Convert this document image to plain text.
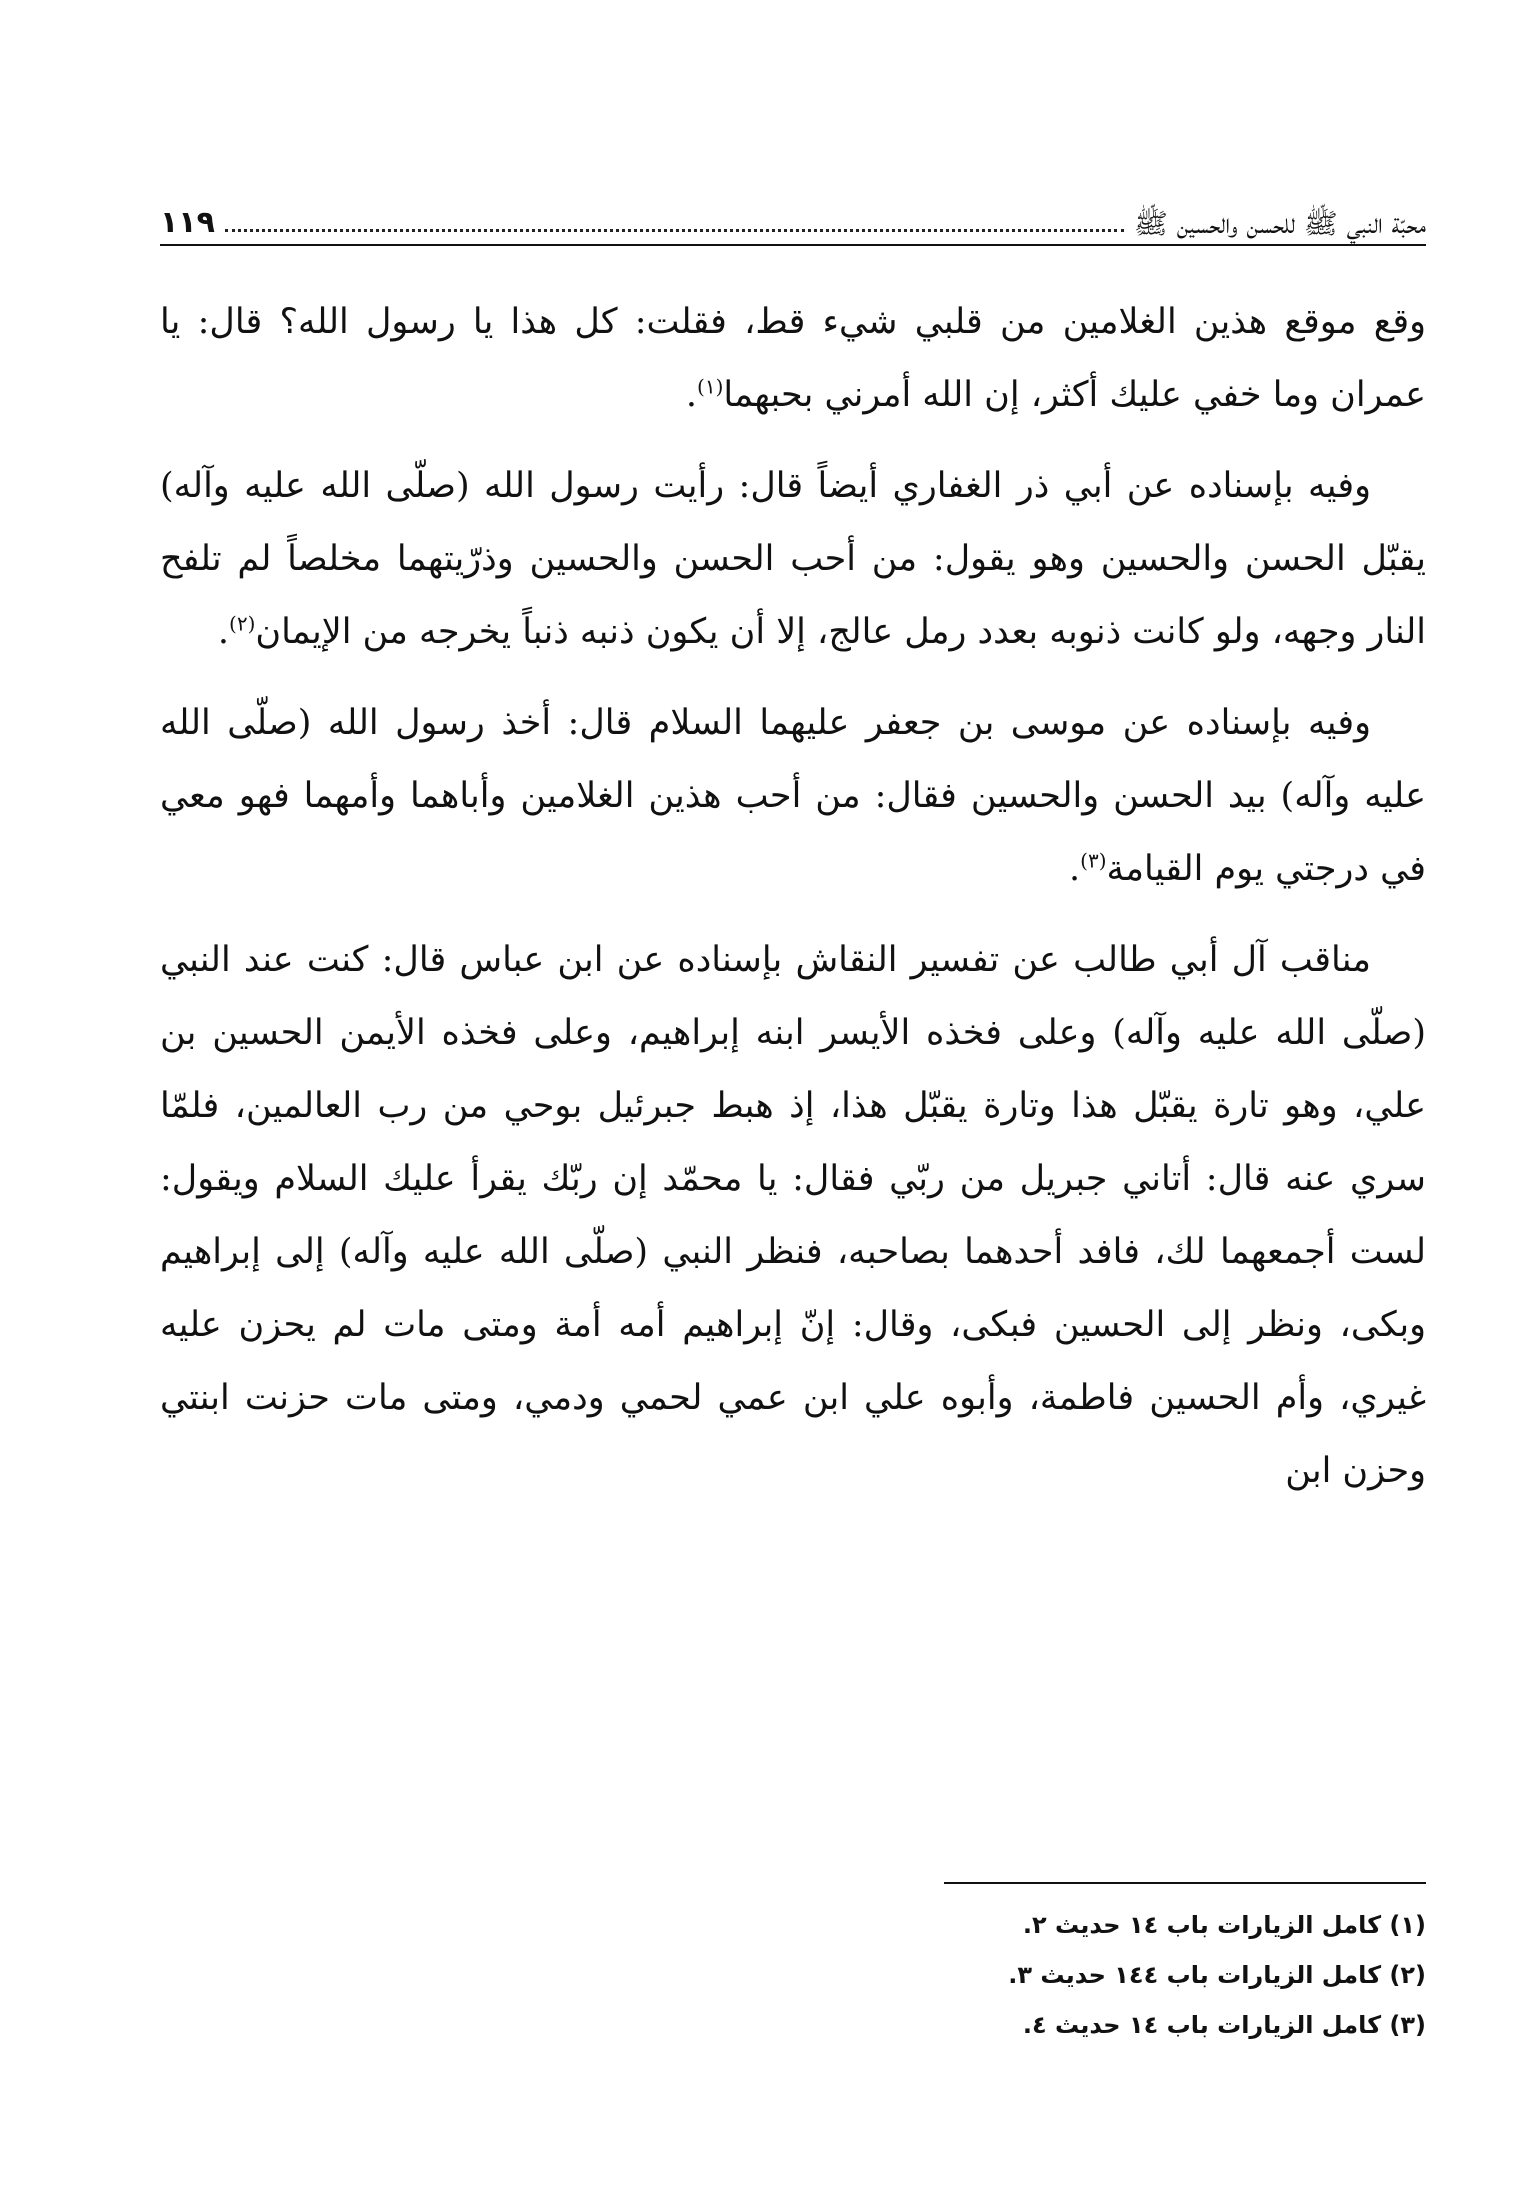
محبّة النبي ﷺ للحسن والحسين ﷺ
١١٩

وقع موقع هذين الغلامين من قلبي شيء قط، فقلت: كل هذا يا رسول الله؟ قال: يا عمران وما خفي عليك أكثر، إن الله أمرني بحبهما$^{(١)}$.

وفيه بإسناده عن أبي ذر الغفاري أيضاً قال: رأيت رسول الله (صلّى الله عليه وآله) يقبّل الحسن والحسين وهو يقول: من أحب الحسن والحسين وذرّيتهما مخلصاً لم تلفح النار وجهه، ولو كانت ذنوبه بعدد رمل عالج، إلا أن يكون ذنبه ذنباً يخرجه من الإيمان$^{(٢)}$.

وفيه بإسناده عن موسى بن جعفر عليهما السلام قال: أخذ رسول الله (صلّى الله عليه وآله) بيد الحسن والحسين فقال: من أحب هذين الغلامين وأباهما وأمهما فهو معي في درجتي يوم القيامة$^{(٣)}$.

مناقب آل أبي طالب عن تفسير النقاش بإسناده عن ابن عباس قال: كنت عند النبي (صلّى الله عليه وآله) وعلى فخذه الأيسر ابنه إبراهيم، وعلى فخذه الأيمن الحسين بن علي، وهو تارة يقبّل هذا وتارة يقبّل هذا، إذ هبط جبرئيل بوحي من رب العالمين، فلمّا سري عنه قال: أتاني جبريل من ربّي فقال: يا محمّد إن ربّك يقرأ عليك السلام ويقول: لست أجمعهما لك، فافد أحدهما بصاحبه، فنظر النبي (صلّى الله عليه وآله) إلى إبراهيم وبكى، ونظر إلى الحسين فبكى، وقال: إنّ إبراهيم أمه أمة ومتى مات لم يحزن عليه غيري، وأم الحسين فاطمة، وأبوه علي ابن عمي لحمي ودمي، ومتى مات حزنت ابنتي وحزن ابن

(١) كامل الزيارات باب ١٤ حديث ٢.
(٢) كامل الزيارات باب ١٤٤ حديث ٣.
(٣) كامل الزيارات باب ١٤ حديث ٤.
